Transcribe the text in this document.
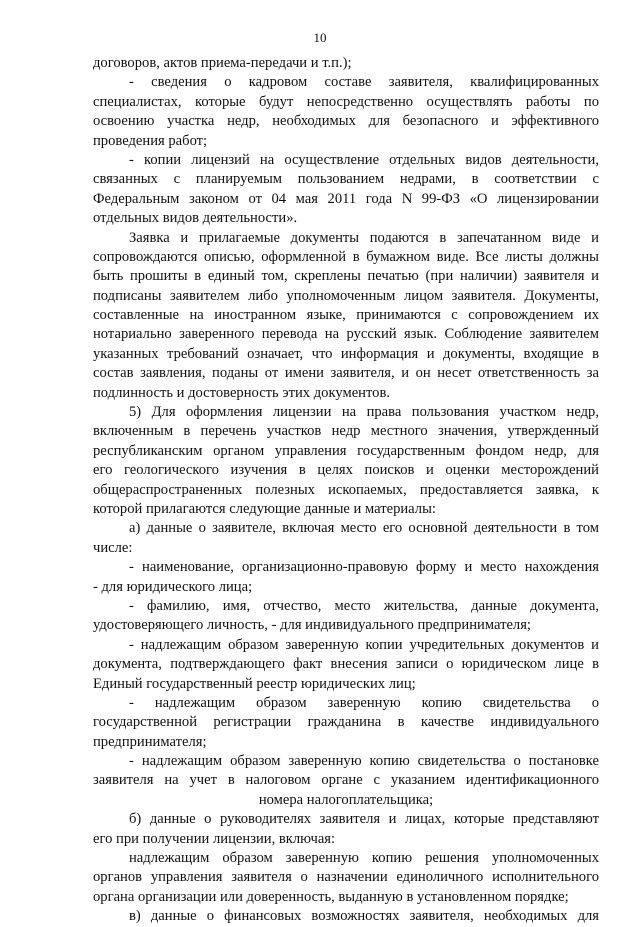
10
договоров, актов приема-передачи и т.п.);
- сведения о кадровом составе заявителя, квалифицированных
специалистах, которые будут непосредственно осуществлять работы по
освоению участка недр, необходимых для безопасного и эффективного
проведения работ;
- копии лицензий на осуществление отдельных видов деятельности,
связанных с планируемым пользованием недрами, в соответствии с
Федеральным законом от 04 мая 2011 года N 99-ФЗ «О лицензировании
отдельных видов деятельности».
Заявка и прилагаемые документы подаются в запечатанном виде и
сопровождаются описью, оформленной в бумажном виде. Все листы должны
быть прошиты в единый том, скреплены печатью (при наличии) заявителя и
подписаны заявителем либо уполномоченным лицом заявителя. Документы,
составленные на иностранном языке, принимаются с сопровождением их
нотариально заверенного перевода на русский язык. Соблюдение заявителем
указанных требований означает, что информация и документы, входящие в
состав заявления, поданы от имени заявителя, и он несет ответственность за
подлинность и достоверность этих документов.
5) Для оформления лицензии на права пользования участком недр,
включенным в перечень участков недр местного значения, утвержденный
республиканским органом управления государственным фондом недр, для
его геологического изучения в целях поисков и оценки месторождений
общераспространенных полезных ископаемых, предоставляется заявка, к
которой прилагаются следующие данные и материалы:
а) данные о заявителе, включая место его основной деятельности в том
числе:
- наименование, организационно-правовую форму и место нахождения
- для юридического лица;
- фамилию, имя, отчество, место жительства, данные документа,
удостоверяющего личность, - для индивидуального предпринимателя;
- надлежащим образом заверенную копии учредительных документов и
документа, подтверждающего факт внесения записи о юридическом лице в
Единый государственный реестр юридических лиц;
- надлежащим образом заверенную копию свидетельства о
государственной регистрации гражданина в качестве индивидуального
предпринимателя;
- надлежащим образом заверенную копию свидетельства о постановке
заявителя на учет в налоговом органе с указанием идентификационного
номера налогоплательщика;
б) данные о руководителях заявителя и лицах, которые представляют
его при получении лицензии, включая:
надлежащим образом заверенную копию решения уполномоченных
органов управления заявителя о назначении единоличного исполнительного
органа организации или доверенность, выданную в установленном порядке;
в) данные о финансовых возможностях заявителя, необходимых для
